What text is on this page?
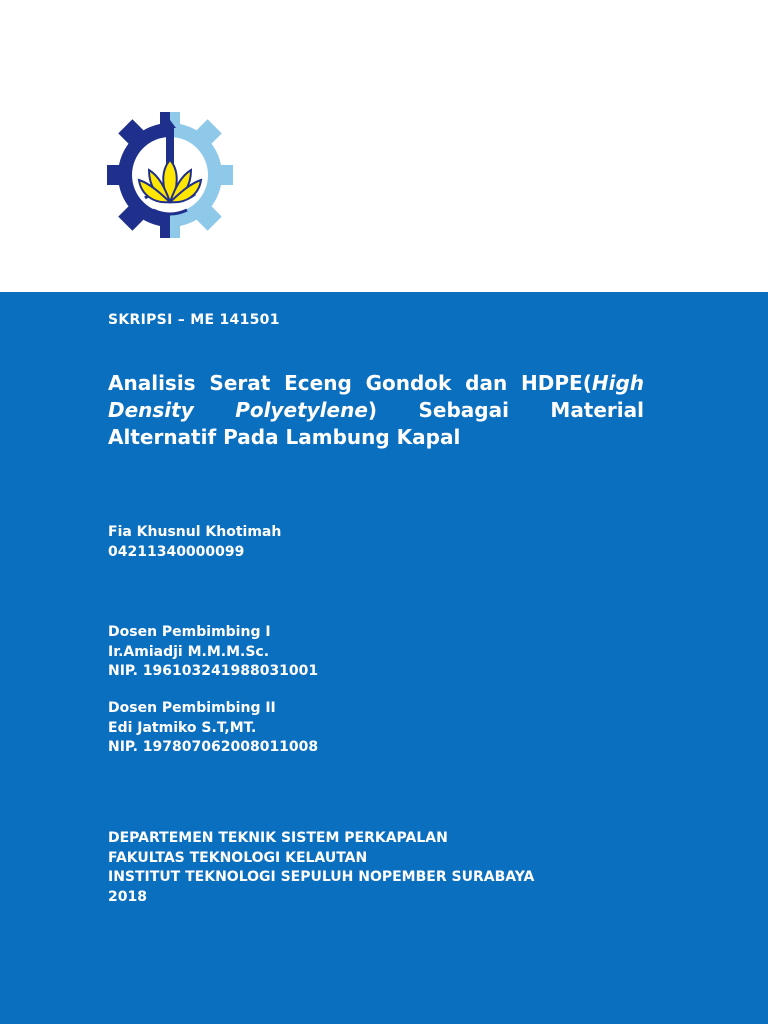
SKRIPSI – ME 141501

Analisis Serat Eceng Gondok dan HDPE(High Density Polyetylene) Sebagai Material Alternatif Pada Lambung Kapal

Fia Khusnul Khotimah
04211340000099
Dosen Pembimbing I
Ir.Amiadji M.M.M.Sc.
NIP. 196103241988031001
Dosen Pembimbing II
Edi Jatmiko S.T,MT.
NIP. 197807062008011008
DEPARTEMEN TEKNIK SISTEM PERKAPALAN
FAKULTAS TEKNOLOGI KELAUTAN
INSTITUT TEKNOLOGI SEPULUH NOPEMBER SURABAYA
2018
